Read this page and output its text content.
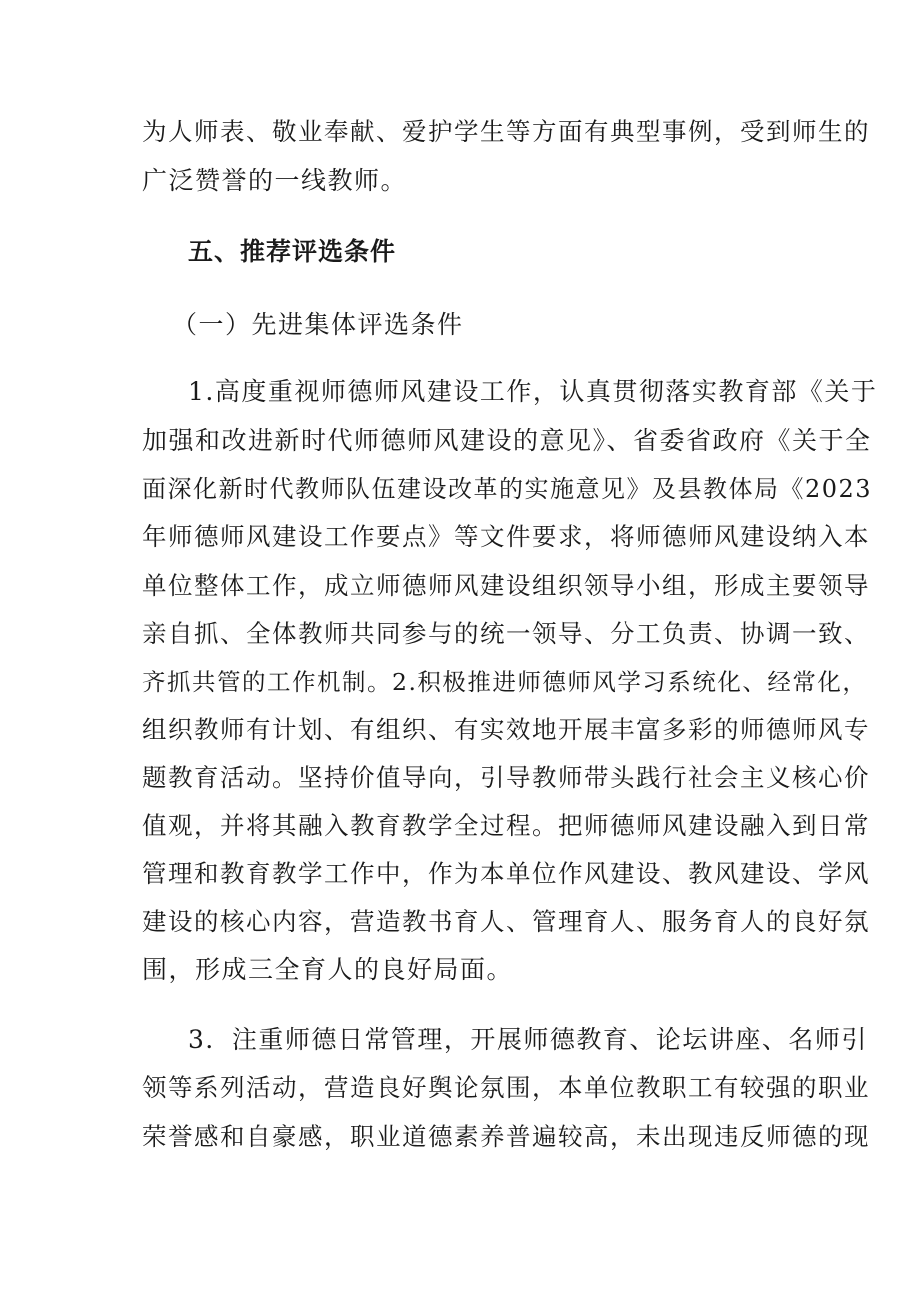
为人师表、敬业奉献、爱护学生等方面有典型事例，受到师生的
广泛赞誉的一线教师。
五、推荐评选条件
（一）先进集体评选条件
1.高度重视师德师风建设工作，认真贯彻落实教育部《关于
加强和改进新时代师德师风建设的意见》、省委省政府《关于全
面深化新时代教师队伍建设改革的实施意见》及县教体局《2023
年师德师风建设工作要点》等文件要求，将师德师风建设纳入本
单位整体工作，成立师德师风建设组织领导小组，形成主要领导
亲自抓、全体教师共同参与的统一领导、分工负责、协调一致、
齐抓共管的工作机制。2.积极推进师德师风学习系统化、经常化，
组织教师有计划、有组织、有实效地开展丰富多彩的师德师风专
题教育活动。坚持价值导向，引导教师带头践行社会主义核心价
值观，并将其融入教育教学全过程。把师德师风建设融入到日常
管理和教育教学工作中，作为本单位作风建设、教风建设、学风
建设的核心内容，营造教书育人、管理育人、服务育人的良好氛
围，形成三全育人的良好局面。
3．注重师德日常管理，开展师德教育、论坛讲座、名师引
领等系列活动，营造良好舆论氛围，本单位教职工有较强的职业
荣誉感和自豪感，职业道德素养普遍较高，未出现违反师德的现
